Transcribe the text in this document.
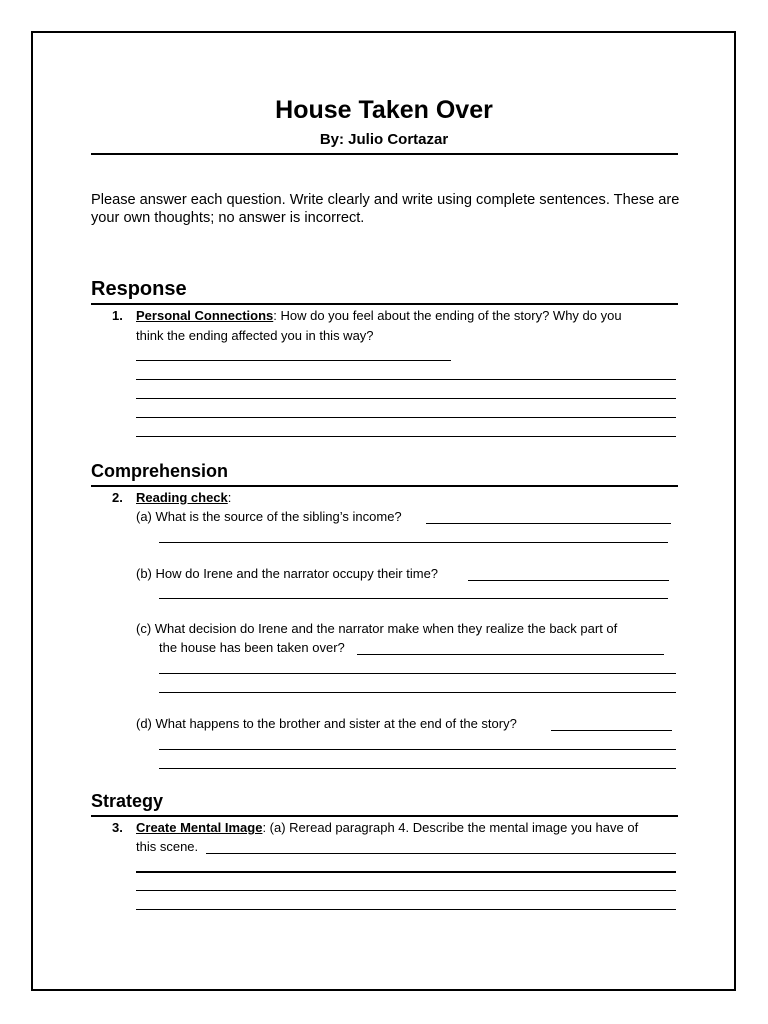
House Taken Over
By: Julio Cortazar
Please answer each question. Write clearly and write using complete sentences. These are your own thoughts; no answer is incorrect.
Response
1. Personal Connections: How do you feel about the ending of the story? Why do you
think the ending affected you in this way?
Comprehension
2. Reading check:
(a) What is the source of the sibling’s income?
(b) How do Irene and the narrator occupy their time?
(c) What decision do Irene and the narrator make when they realize the back part of
the house has been taken over?
(d) What happens to the brother and sister at the end of the story?
Strategy
3. Create Mental Image: (a) Reread paragraph 4. Describe the mental image you have of
this scene.
